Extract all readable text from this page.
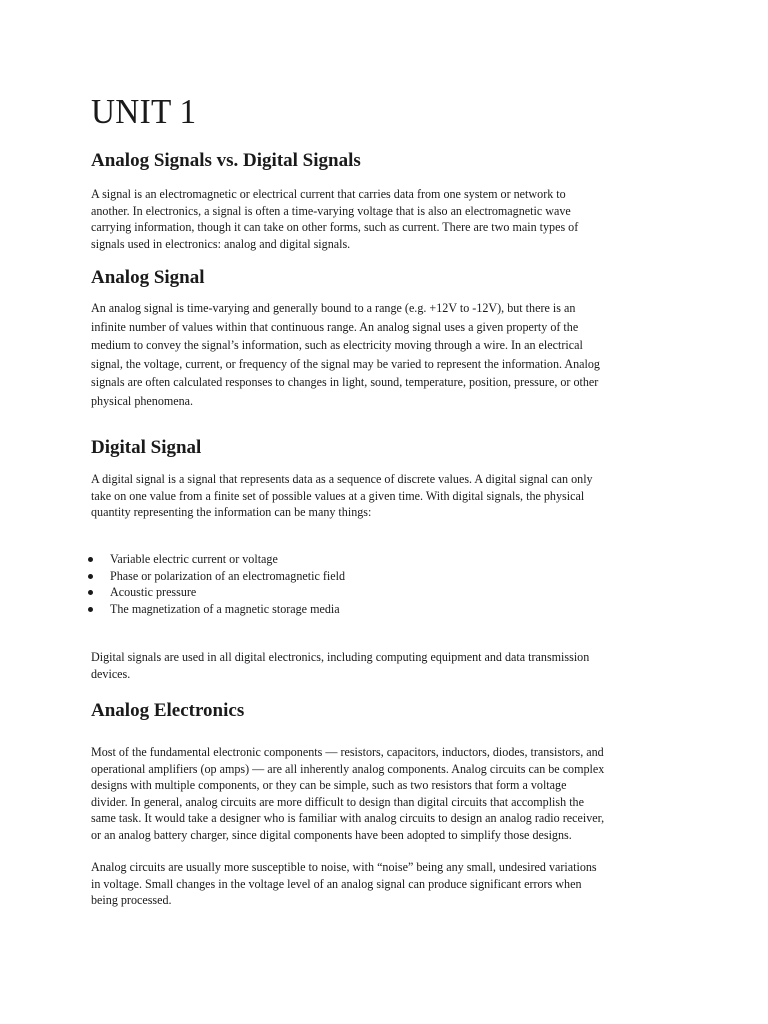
UNIT 1
Analog Signals vs. Digital Signals

A signal is an electromagnetic or electrical current that carries data from one system or network to
another. In electronics, a signal is often a time-varying voltage that is also an electromagnetic wave
carrying information, though it can take on other forms, such as current. There are two main types of
signals used in electronics: analog and digital signals.

Analog Signal

An analog signal is time-varying and generally bound to a range (e.g. +12V to -12V), but there is an
infinite number of values within that continuous range. An analog signal uses a given property of the
medium to convey the signal’s information, such as electricity moving through a wire. In an electrical
signal, the voltage, current, or frequency of the signal may be varied to represent the information. Analog
signals are often calculated responses to changes in light, sound, temperature, position, pressure, or other
physical phenomena.

Digital Signal

A digital signal is a signal that represents data as a sequence of discrete values. A digital signal can only
take on one value from a finite set of possible values at a given time. With digital signals, the physical
quantity representing the information can be many things:

Variable electric current or voltage
Phase or polarization of an electromagnetic field
Acoustic pressure
The magnetization of a magnetic storage media

Digital signals are used in all digital electronics, including computing equipment and data transmission
devices.

Analog Electronics

Most of the fundamental electronic components — resistors, capacitors, inductors, diodes, transistors, and
operational amplifiers (op amps) — are all inherently analog components. Analog circuits can be complex
designs with multiple components, or they can be simple, such as two resistors that form a voltage
divider. In general, analog circuits are more difficult to design than digital circuits that accomplish the
same task. It would take a designer who is familiar with analog circuits to design an analog radio receiver,
or an analog battery charger, since digital components have been adopted to simplify those designs.

Analog circuits are usually more susceptible to noise, with “noise” being any small, undesired variations
in voltage. Small changes in the voltage level of an analog signal can produce significant errors when
being processed.
